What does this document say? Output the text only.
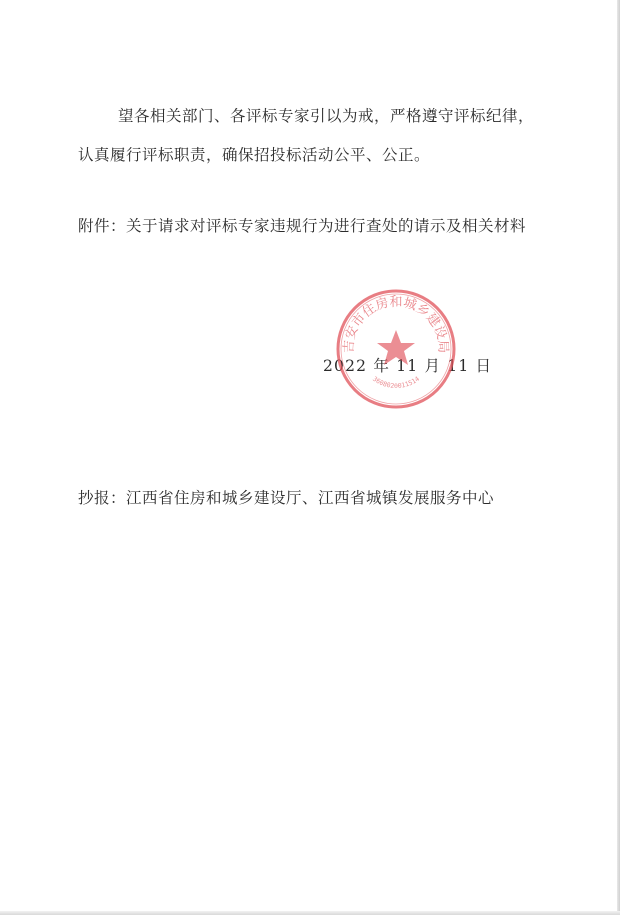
望各相关部门、各评标专家引以为戒，严格遵守评标纪律，
认真履行评标职责，确保招投标活动公平、公正。
附件：关于请求对评标专家违规行为进行查处的请示及相关材料
2022 年 11 月 11 日
吉安市住房和城乡建设局
3608020011514
抄报：江西省住房和城乡建设厅、江西省城镇发展服务中心
